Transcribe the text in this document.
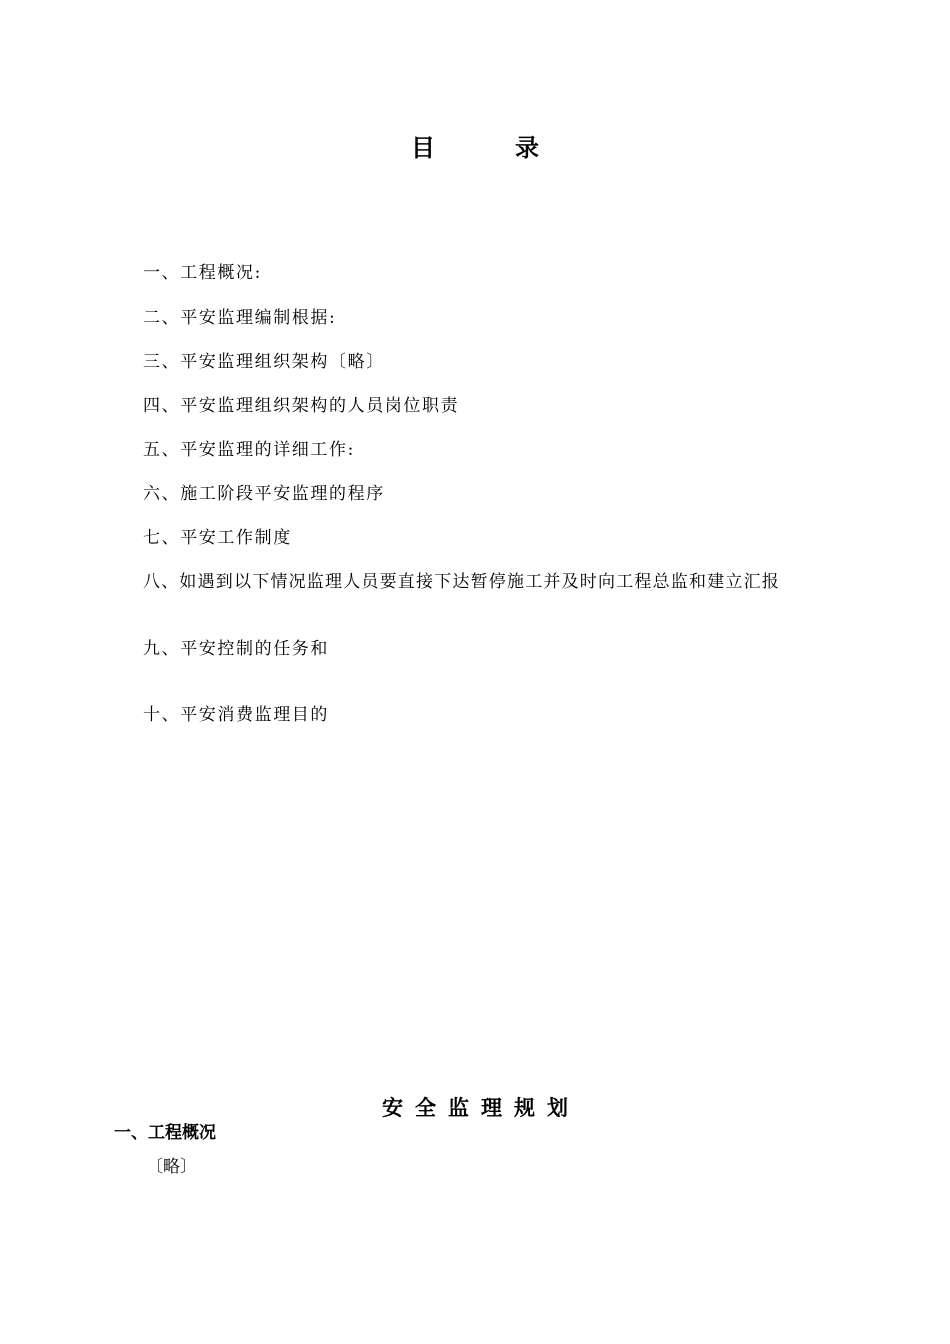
目	录
一、工程概况:
二、平安监理编制根据:
三、平安监理组织架构〔略〕
四、平安监理组织架构的人员岗位职责
五、平安监理的详细工作:
六、施工阶段平安监理的程序
七、平安工作制度
八、如遇到以下情况监理人员要直接下达暂停施工并及时向工程总监和建立汇报
九、平安控制的任务和
十、平安消费监理目的
安全监理规划
一、工程概况
〔略〕
